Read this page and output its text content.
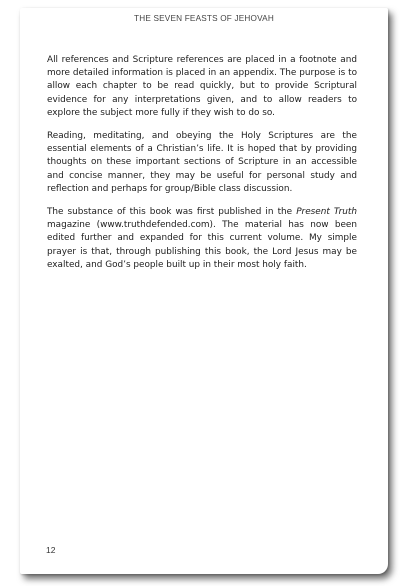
THE SEVEN FEASTS OF JEHOVAH

All references and Scripture references are placed in a footnote and more detailed information is placed in an appendix. The purpose is to allow each chapter to be read quickly, but to provide Scriptural evidence for any interpretations given, and to allow readers to explore the subject more fully if they wish to do so.

Reading, meditating, and obeying the Holy Scriptures are the essential elements of a Christian’s life. It is hoped that by providing thoughts on these important sections of Scripture in an accessible and concise manner, they may be useful for personal study and reflection and perhaps for group/Bible class discussion.

The substance of this book was first published in the Present Truth magazine (www.truthdefended.com). The material has now been edited further and expanded for this current volume. My simple prayer is that, through publishing this book, the Lord Jesus may be exalted, and God’s people built up in their most holy faith.

12
